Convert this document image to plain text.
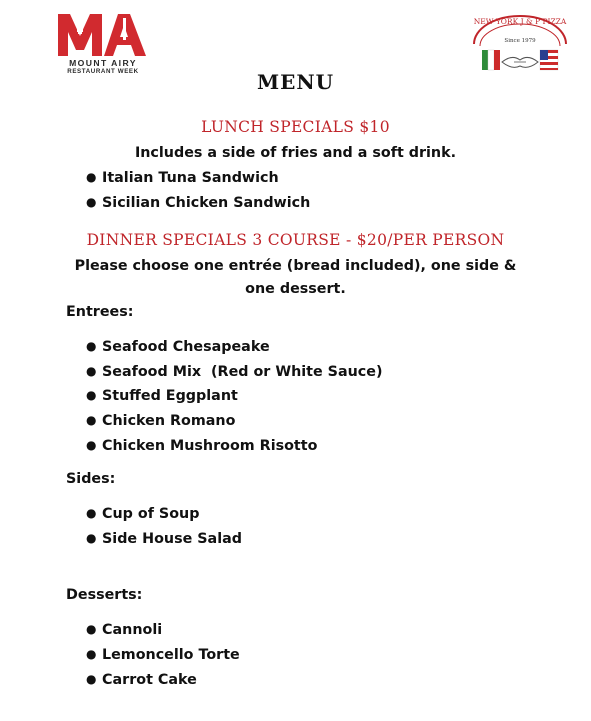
MOUNT AIRY
RESTAURANT WEEK
NEW YORK J & P PIZZA
Since 1979
MENU
LUNCH SPECIALS $10
Includes a side of fries and a soft drink.
● Italian Tuna Sandwich
● Sicilian Chicken Sandwich
DINNER SPECIALS 3 COURSE - $20/PER PERSON
Please choose one entrée (bread included), one side &
one dessert.
Entrees:
● Seafood Chesapeake
● Seafood Mix  (Red or White Sauce)
● Stuffed Eggplant
● Chicken Romano
● Chicken Mushroom Risotto
Sides:
● Cup of Soup
● Side House Salad
Desserts:
● Cannoli
● Lemoncello Torte
● Carrot Cake
